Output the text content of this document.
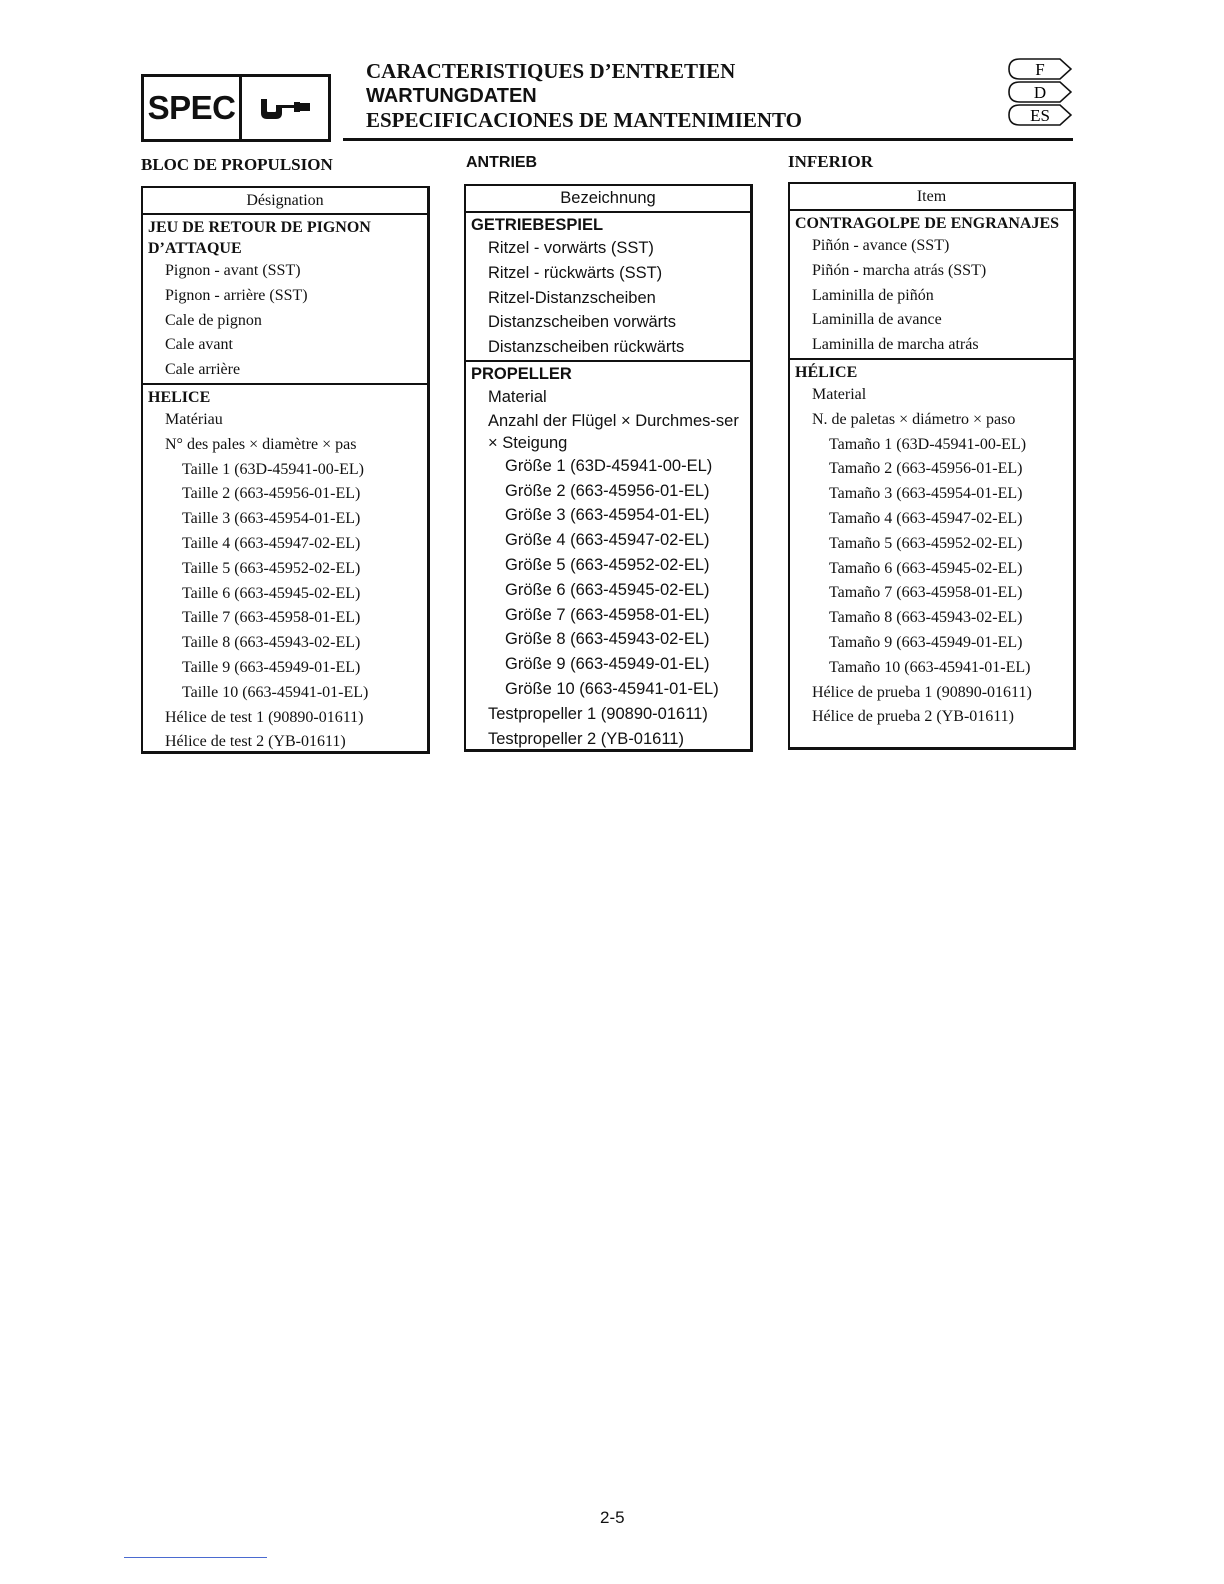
SPEC
CARACTERISTIQUES D’ENTRETIEN
WARTUNGDATEN
ESPECIFICACIONES DE MANTENIMIENTO
F
D
ES
BLOC DE PROPULSION	ANTRIEB	INFERIOR
Désignation
JEU DE RETOUR DE PIGNON D’ATTAQUE
Pignon - avant (SST)
Pignon - arrière (SST)
Cale de pignon
Cale avant
Cale arrière
HELICE
Matériau
N° des pales × diamètre × pas
Taille 1 (63D-45941-00-EL)
Taille 2 (663-45956-01-EL)
Taille 3 (663-45954-01-EL)
Taille 4 (663-45947-02-EL)
Taille 5 (663-45952-02-EL)
Taille 6 (663-45945-02-EL)
Taille 7 (663-45958-01-EL)
Taille 8 (663-45943-02-EL)
Taille 9 (663-45949-01-EL)
Taille 10 (663-45941-01-EL)
Hélice de test 1 (90890-01611)
Hélice de test 2 (YB-01611)
Bezeichnung
GETRIEBESPIEL
Ritzel - vorwärts (SST)
Ritzel - rückwärts (SST)
Ritzel-Distanzscheiben
Distanzscheiben vorwärts
Distanzscheiben rückwärts
PROPELLER
Material
Anzahl der Flügel × Durchmes-ser × Steigung
Größe 1 (63D-45941-00-EL)
Größe 2 (663-45956-01-EL)
Größe 3 (663-45954-01-EL)
Größe 4 (663-45947-02-EL)
Größe 5 (663-45952-02-EL)
Größe 6 (663-45945-02-EL)
Größe 7 (663-45958-01-EL)
Größe 8 (663-45943-02-EL)
Größe 9 (663-45949-01-EL)
Größe 10 (663-45941-01-EL)
Testpropeller 1 (90890-01611)
Testpropeller 2 (YB-01611)
Item
CONTRAGOLPE DE ENGRANAJES
Piñón - avance (SST)
Piñón - marcha atrás (SST)
Laminilla de piñón
Laminilla de avance
Laminilla de marcha atrás
HÉLICE
Material
N. de paletas × diámetro × paso
Tamaño 1 (63D-45941-00-EL)
Tamaño 2 (663-45956-01-EL)
Tamaño 3 (663-45954-01-EL)
Tamaño 4 (663-45947-02-EL)
Tamaño 5 (663-45952-02-EL)
Tamaño 6 (663-45945-02-EL)
Tamaño 7 (663-45958-01-EL)
Tamaño 8 (663-45943-02-EL)
Tamaño 9 (663-45949-01-EL)
Tamaño 10 (663-45941-01-EL)
Hélice de prueba 1 (90890-01611)
Hélice de prueba 2 (YB-01611)
2-5
